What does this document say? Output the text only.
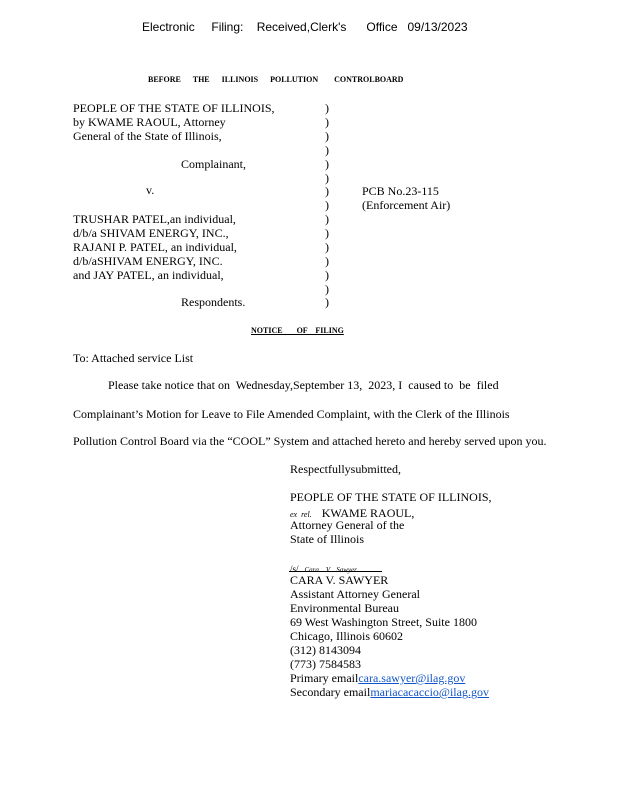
Electronic     Filing:    Received,Clerk's      Office   09/13/2023
BEFORE      THE      ILLINOIS      POLLUTION        CONTROLBOARD
PEOPLE OF THE STATE OF ILLINOIS,
by KWAME RAOUL, Attorney
General of the State of Illinois,
Complainant,
v.
TRUSHAR PATEL,an individual,
d/b/a SHIVAM ENERGY, INC.,
RAJANI P. PATEL, an individual,
d/b/aSHIVAM ENERGY, INC.
and JAY PATEL, an individual,
Respondents.
)
)
)
)
)
)
)
)
)
)
)
)
)
)
)
PCB No.23-115
(Enforcement Air)
NOTICE       OF    FILING
To: Attached service List
Please take notice that on  Wednesday,September 13,  2023, I  caused to  be  filed
Complainant’s Motion for Leave to File Amended Complaint, with the Clerk of the Illinois
Pollution Control Board via the “COOL” System and attached hereto and hereby served upon you.
Respectfullysubmitted,
PEOPLE OF THE STATE OF ILLINOIS,
ex  rel. KWAME RAOUL,
Attorney General of the
State of Illinois
/s/ Cara    V.   Sawyer
CARA V. SAWYER
Assistant Attorney General
Environmental Bureau
69 West Washington Street, Suite 1800
Chicago, Illinois 60602
(312) 8143094
(773) 7584583
Primary emailcara.sawyer@ilag.gov
Secondary emailmariacacaccio@ilag.gov
